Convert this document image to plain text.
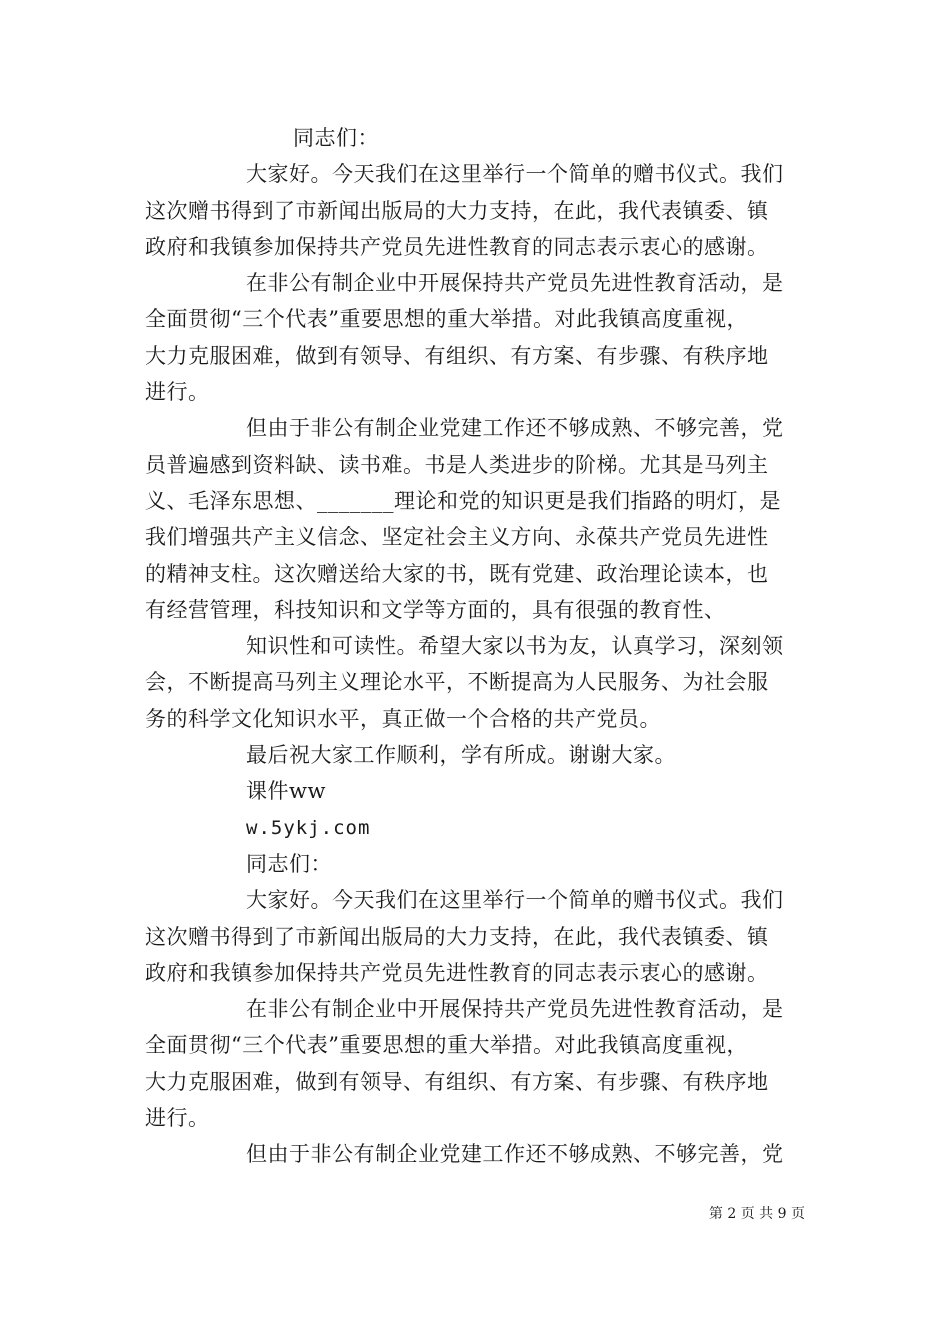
同志们：
大家好。今天我们在这里举行一个简单的赠书仪式。我们
这次赠书得到了市新闻出版局的大力支持，在此，我代表镇委、镇
政府和我镇参加保持共产党员先进性教育的同志表示衷心的感谢。
在非公有制企业中开展保持共产党员先进性教育活动，是
全面贯彻“三个代表”重要思想的重大举措。对此我镇高度重视，
大力克服困难，做到有领导、有组织、有方案、有步骤、有秩序地
进行。
但由于非公有制企业党建工作还不够成熟、不够完善，党
员普遍感到资料缺、读书难。书是人类进步的阶梯。尤其是马列主
义、毛泽东思想、_______理论和党的知识更是我们指路的明灯，是
我们增强共产主义信念、坚定社会主义方向、永葆共产党员先进性
的精神支柱。这次赠送给大家的书，既有党建、政治理论读本，也
有经营管理，科技知识和文学等方面的，具有很强的教育性、
知识性和可读性。希望大家以书为友，认真学习，深刻领
会，不断提高马列主义理论水平，不断提高为人民服务、为社会服
务的科学文化知识水平，真正做一个合格的共产党员。
最后祝大家工作顺利，学有所成。谢谢大家。
课件ww
w.5ykj.com
同志们：
大家好。今天我们在这里举行一个简单的赠书仪式。我们
这次赠书得到了市新闻出版局的大力支持，在此，我代表镇委、镇
政府和我镇参加保持共产党员先进性教育的同志表示衷心的感谢。
在非公有制企业中开展保持共产党员先进性教育活动，是
全面贯彻“三个代表”重要思想的重大举措。对此我镇高度重视，
大力克服困难，做到有领导、有组织、有方案、有步骤、有秩序地
进行。
但由于非公有制企业党建工作还不够成熟、不够完善，党
第 2 页 共 9 页
